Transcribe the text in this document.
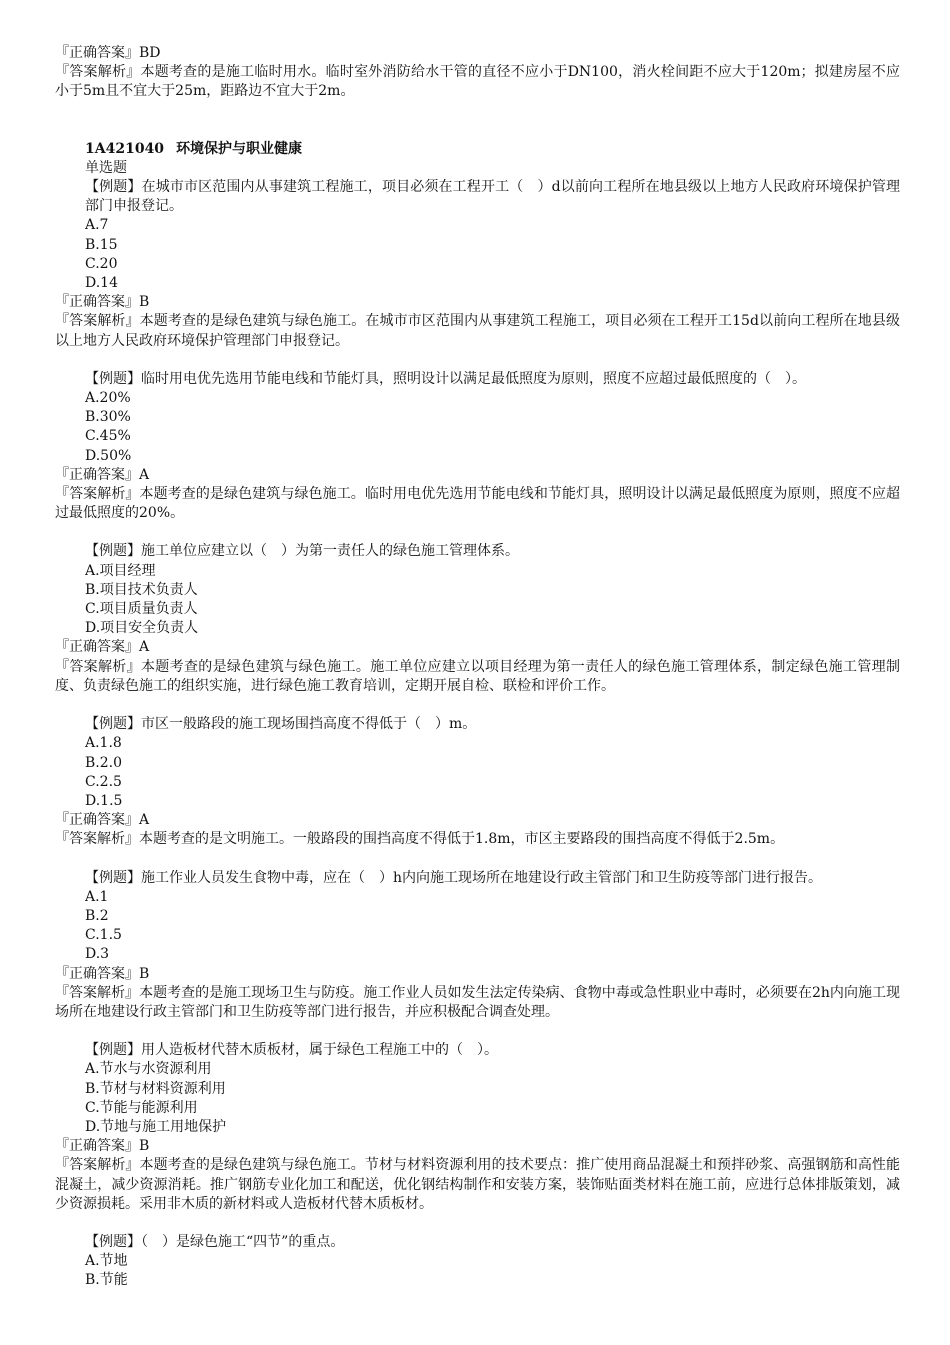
『正确答案』BD
『答案解析』本题考查的是施工临时用水。临时室外消防给水干管的直径不应小于DN100，消火栓间距不应大于120m；拟建房屋不应小于5m且不宜大于25m，距路边不宜大于2m。
1A421040 环境保护与职业健康
单选题
【例题】在城市市区范围内从事建筑工程施工，项目必须在工程开工（　）d以前向工程所在地县级以上地方人民政府环境保护管理部门申报登记。
A.7
B.15
C.20
D.14
『正确答案』B
『答案解析』本题考查的是绿色建筑与绿色施工。在城市市区范围内从事建筑工程施工，项目必须在工程开工15d以前向工程所在地县级以上地方人民政府环境保护管理部门申报登记。
【例题】临时用电优先选用节能电线和节能灯具，照明设计以满足最低照度为原则，照度不应超过最低照度的（　）。
A.20%
B.30%
C.45%
D.50%
『正确答案』A
『答案解析』本题考查的是绿色建筑与绿色施工。临时用电优先选用节能电线和节能灯具，照明设计以满足最低照度为原则，照度不应超过最低照度的20%。
【例题】施工单位应建立以（　）为第一责任人的绿色施工管理体系。
A.项目经理
B.项目技术负责人
C.项目质量负责人
D.项目安全负责人
『正确答案』A
『答案解析』本题考查的是绿色建筑与绿色施工。施工单位应建立以项目经理为第一责任人的绿色施工管理体系，制定绿色施工管理制度、负责绿色施工的组织实施，进行绿色施工教育培训，定期开展自检、联检和评价工作。
【例题】市区一般路段的施工现场围挡高度不得低于（　）m。
A.1.8
B.2.0
C.2.5
D.1.5
『正确答案』A
『答案解析』本题考查的是文明施工。一般路段的围挡高度不得低于1.8m，市区主要路段的围挡高度不得低于2.5m。
【例题】施工作业人员发生食物中毒，应在（　）h内向施工现场所在地建设行政主管部门和卫生防疫等部门进行报告。
A.1
B.2
C.1.5
D.3
『正确答案』B
『答案解析』本题考查的是施工现场卫生与防疫。施工作业人员如发生法定传染病、食物中毒或急性职业中毒时，必须要在2h内向施工现场所在地建设行政主管部门和卫生防疫等部门进行报告，并应积极配合调查处理。
【例题】用人造板材代替木质板材，属于绿色工程施工中的（　）。
A.节水与水资源利用
B.节材与材料资源利用
C.节能与能源利用
D.节地与施工用地保护
『正确答案』B
『答案解析』本题考查的是绿色建筑与绿色施工。节材与材料资源利用的技术要点：推广使用商品混凝土和预拌砂浆、高强钢筋和高性能混凝土，减少资源消耗。推广钢筋专业化加工和配送，优化钢结构制作和安装方案，装饰贴面类材料在施工前，应进行总体排版策划，减少资源损耗。采用非木质的新材料或人造板材代替木质板材。
【例题】（　）是绿色施工“四节”的重点。
A.节地
B.节能
